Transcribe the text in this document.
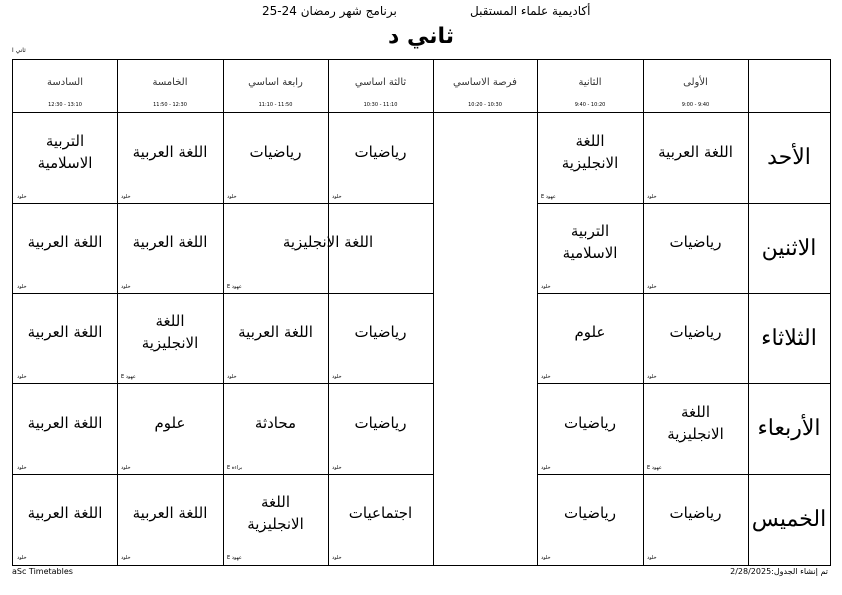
أكاديمية علماء المستقبل
برنامج شهر رمضان 24-25
ثاني د
ثاني ا
الأولى
9:00 - 9:40
الثانية
9:40 - 10:20
فرصة الاساسي
10:20 - 10:30
ثالثة اساسي
10:30 - 11:10
رابعة اساسي
11:10 - 11:50
الخامسة
11:50 - 12:30
السادسة
12:30 - 13:10
الأحد
الاثنين
الثلاثاء
الأربعاء
الخميس
اللغة العربية
خلود
اللغة الانجليزية
E عهود
رياضيات
خلود
رياضيات
خلود
اللغة العربية
خلود
التربية الاسلامية
خلود
رياضيات
خلود
التربية الاسلامية
خلود
اللغة الانجليزية
E عهود
اللغة العربية
خلود
اللغة العربية
خلود
رياضيات
خلود
علوم
خلود
رياضيات
خلود
اللغة العربية
خلود
اللغة الانجليزية
E عهود
اللغة العربية
خلود
اللغة الانجليزية
E عهود
رياضيات
خلود
رياضيات
خلود
محادثة
E براءة
علوم
خلود
اللغة العربية
خلود
رياضيات
خلود
رياضيات
خلود
اجتماعيات
خلود
اللغة الانجليزية
E عهود
اللغة العربية
خلود
اللغة العربية
خلود
aSc Timetables	تم إنشاء الجدول:2/28/2025
